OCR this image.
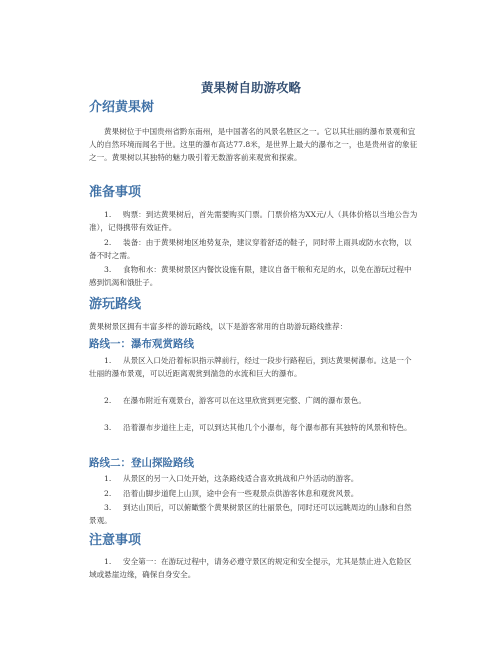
黄果树自助游攻略
介绍黄果树
黄果树位于中国贵州省黔东南州，是中国著名的风景名胜区之一。它以其壮丽的瀑布景观和宜人的自然环境而闻名于世。这里的瀑布高达77.8米，是世界上最大的瀑布之一，也是贵州省的象征之一。黄果树以其独特的魅力吸引着无数游客前来观赏和探索。
准备事项
1. 购票：到达黄果树后，首先需要购买门票。门票价格为XX元/人（具体价格以当地公告为准），记得携带有效证件。
2. 装备：由于黄果树地区地势复杂，建议穿着舒适的鞋子，同时带上雨具或防水衣物，以备不时之需。
3. 食物和水：黄果树景区内餐饮设施有限，建议自备干粮和充足的水，以免在游玩过程中感到饥渴和饿肚子。
游玩路线
黄果树景区拥有丰富多样的游玩路线，以下是游客常用的自助游玩路线推荐：
路线一：瀑布观赏路线
1. 从景区入口处沿着标识指示牌前行，经过一段步行路程后，到达黄果树瀑布。这是一个壮丽的瀑布景观，可以近距离观赏到湍急的水流和巨大的瀑布。
2. 在瀑布附近有观景台，游客可以在这里欣赏到更完整、广阔的瀑布景色。
3. 沿着瀑布步道往上走，可以到达其他几个小瀑布，每个瀑布都有其独特的风景和特色。
路线二：登山探险路线
1. 从景区的另一入口处开始，这条路线适合喜欢挑战和户外活动的游客。
2. 沿着山脚步道爬上山顶，途中会有一些观景点供游客休息和观赏风景。
3. 到达山顶后，可以俯瞰整个黄果树景区的壮丽景色，同时还可以远眺周边的山脉和自然景观。
注意事项
1. 安全第一：在游玩过程中，请务必遵守景区的规定和安全提示，尤其是禁止进入危险区域或悬崖边缘，确保自身安全。
